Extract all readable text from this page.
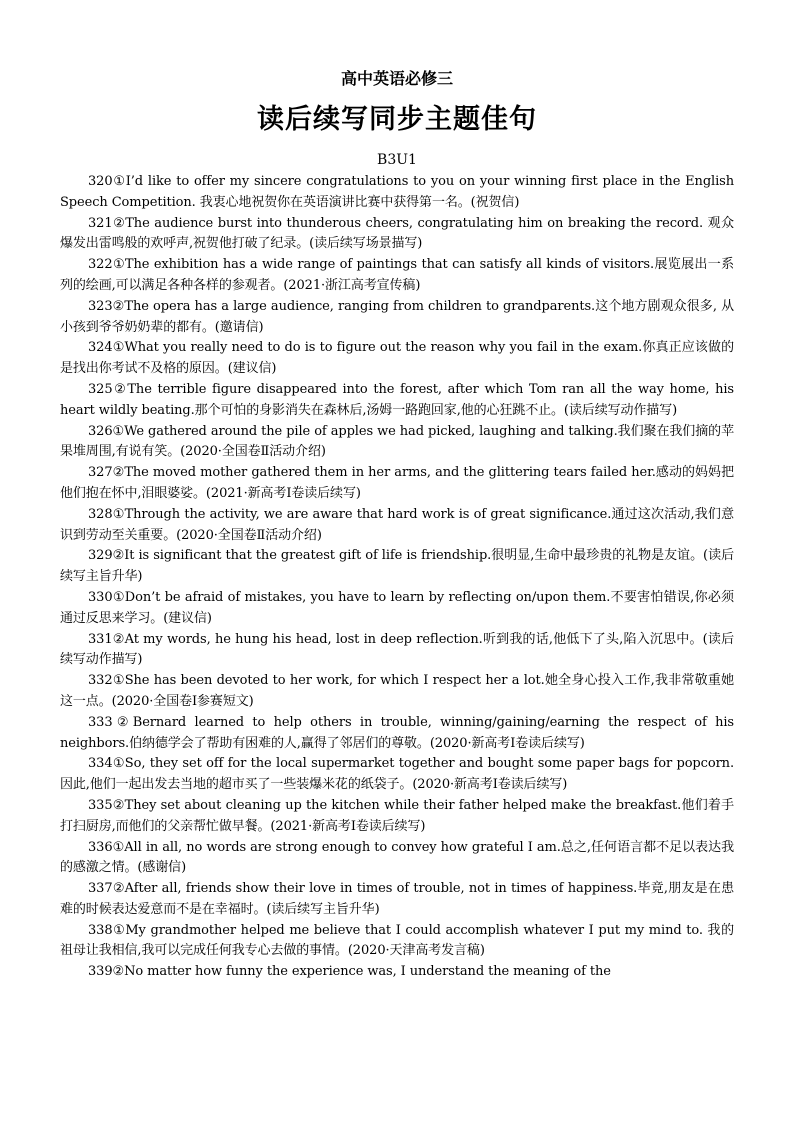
高中英语必修三

读后续写同步主题佳句

B3U1

320①I’d like to offer my sincere congratulations to you on your winning first place in the English Speech Competition. 我衷心地祝贺你在英语演讲比赛中获得第一名。(祝贺信)

321②The audience burst into thunderous cheers, congratulating him on breaking the record. 观众爆发出雷鸣般的欢呼声,祝贺他打破了纪录。(读后续写场景描写)

322①The exhibition has a wide range of paintings that can satisfy all kinds of visitors.展览展出一系列的绘画,可以满足各种各样的参观者。(2021·浙江高考宣传稿)

323②The opera has a large audience, ranging from children to grandparents.这个地方剧观众很多, 从小孩到爷爷奶奶辈的都有。(邀请信)

324①What you really need to do is to figure out the reason why you fail in the exam.你真正应该做的是找出你考试不及格的原因。(建议信)

325②The terrible figure disappeared into the forest, after which Tom ran all the way home, his heart wildly beating.那个可怕的身影消失在森林后,汤姆一路跑回家,他的心狂跳不止。(读后续写动作描写)

326①We gathered around the pile of apples we had picked, laughing and talking.我们聚在我们摘的苹果堆周围,有说有笑。(2020·全国卷Ⅱ活动介绍)

327②The moved mother gathered them in her arms, and the glittering tears failed her.感动的妈妈把他们抱在怀中,泪眼婆娑。(2021·新高考Ⅰ卷读后续写)

328①Through the activity, we are aware that hard work is of great significance.通过这次活动,我们意识到劳动至关重要。(2020·全国卷Ⅱ活动介绍)

329②It is significant that the greatest gift of life is friendship.很明显,生命中最珍贵的礼物是友谊。(读后续写主旨升华)

330①Don’t be afraid of mistakes, you have to learn by reflecting on/upon them.不要害怕错误,你必须通过反思来学习。(建议信)

331②At my words, he hung his head, lost in deep reflection.听到我的话,他低下了头,陷入沉思中。(读后续写动作描写)

332①She has been devoted to her work, for which I respect her a lot.她全身心投入工作,我非常敬重她这一点。(2020·全国卷Ⅰ参赛短文)

333②Bernard learned to help others in trouble, winning/gaining/earning the respect of his neighbors.伯纳德学会了帮助有困难的人,赢得了邻居们的尊敬。(2020·新高考Ⅰ卷读后续写)

334①So, they set off for the local supermarket together and bought some paper bags for popcorn.因此,他们一起出发去当地的超市买了一些装爆米花的纸袋子。(2020·新高考Ⅰ卷读后续写)

335②They set about cleaning up the kitchen while their father helped make the breakfast.他们着手打扫厨房,而他们的父亲帮忙做早餐。(2021·新高考Ⅰ卷读后续写)

336①All in all, no words are strong enough to convey how grateful I am.总之,任何语言都不足以表达我的感激之情。(感谢信)

337②After all, friends show their love in times of trouble, not in times of happiness.毕竟,朋友是在患难的时候表达爱意而不是在幸福时。(读后续写主旨升华)

338①My grandmother helped me believe that I could accomplish whatever I put my mind to. 我的祖母让我相信,我可以完成任何我专心去做的事情。(2020·天津高考发言稿)

339②No matter how funny the experience was, I understand the meaning of the
